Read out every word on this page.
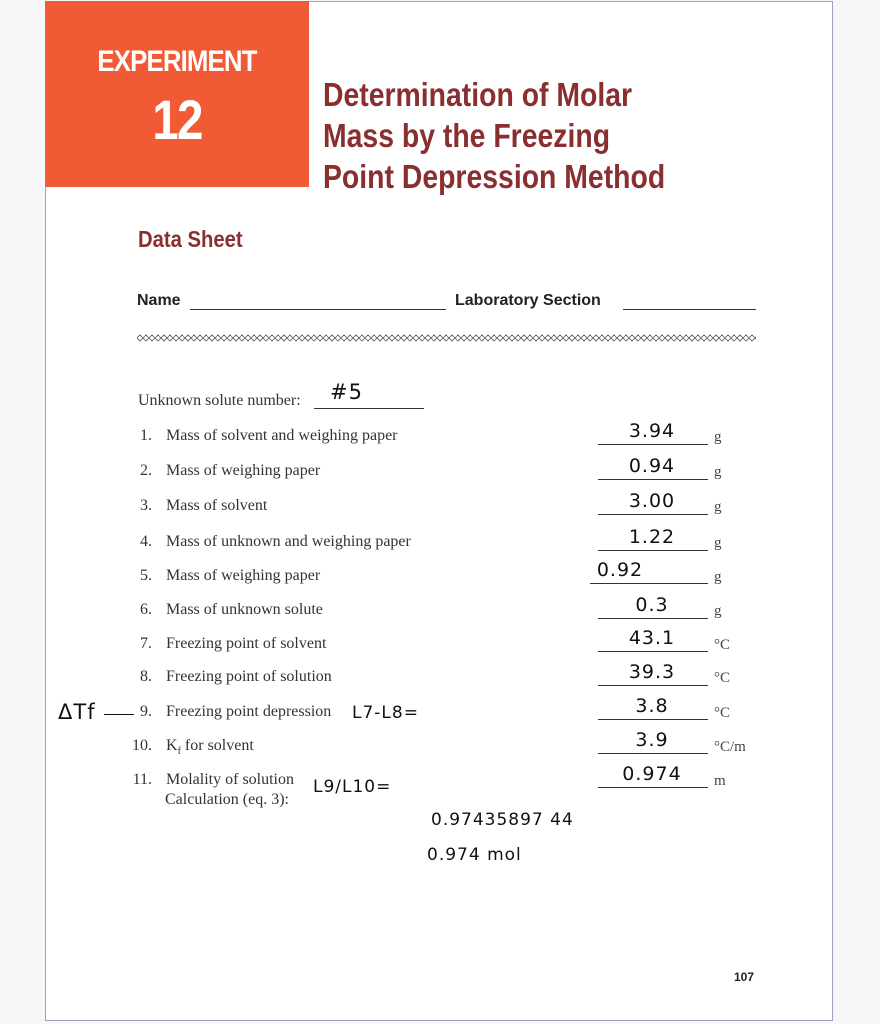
EXPERIMENT
12	Determination of Molar
Mass by the Freezing
Point Depression Method
Data Sheet
Name	Laboratory Section
Unknown solute number: #5
1. Mass of solvent and weighing paper	3.94	g
2. Mass of weighing paper	0.94	g
3. Mass of solvent	3.00	g
4. Mass of unknown and weighing paper	1.22	g
5. Mass of weighing paper	0.92	g
6. Mass of unknown solute	0.3	g
7. Freezing point of solvent	43.1	°C
8. Freezing point of solution	39.3	°C
9. Freezing point depression	3.8	°C
10. $K_f$ for solvent	3.9	°C/m
11. Molality of solution	0.974	m
Calculation (eq. 3):
ΔTf	L7-L8=
L9/L10=
0.97435897 44
0.974 mol
107
